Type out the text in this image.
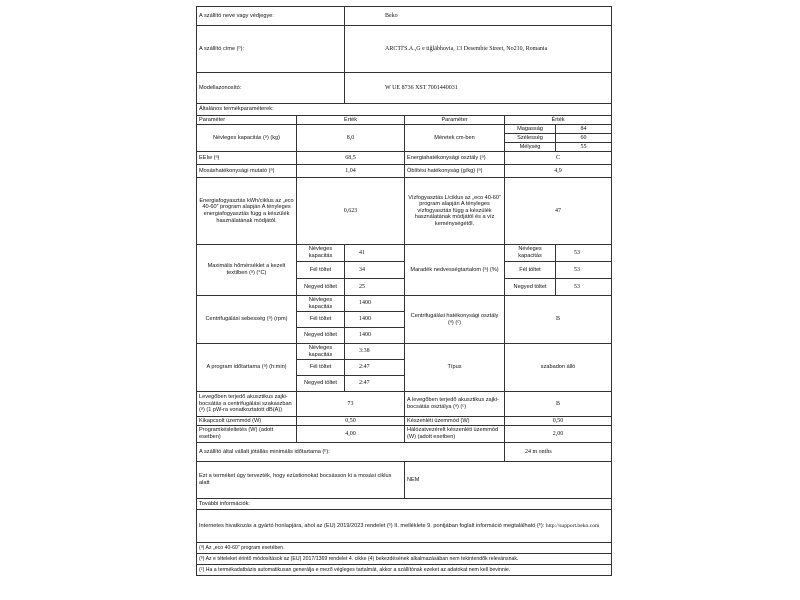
A szállító neve vagy védjegye:		Beko			
A szállító címe (ᵇ):		ARCTİ'S.A.,G e tiğlābhovia, 13 Desembie Street, No210, Romania			
Modellazonosító:		W UE 8736 XST 7001440031			
Általános termékparaméterek:					
Paraméter	Érték		Paraméter	Érték	
Névleges kapacitás (ᵃ) (kg)	8,0		Méretek cm-ben	Magasság	84
				Szélesség	60
				Mélység	55
EEIw (ᵃ)	68,5		Energiahatékonysági osztály (ᵃ)	C	
Mosáshatékonysági mutató (ᵃ)	1,04		Öblítési hatékonyság (g/kg) (ᵃ)	4,9	
Energiafogyasztás kWh/ciklus az „eco 40-60” program alapján A tényleges energiafogyasztás függ a készülék használatának módjától.	0,623		Vízfogyasztás L/ciklus az „eco 40-60” program alapján A tényleges vízfogyasztás függ a készülék használatának módjától és a víz keménységétől.	47	
Maximális hőmérséklet a kezelt textilben (ᵃ) (°C)	Névleges kapacitás	41	Maradék nedvességtartalom (ᵃ) (%)	Névleges kapacitás	53
	Fél töltet	34		Fél töltet	53
	Negyed töltet	25		Negyed töltet	53
Centrifugálási sebesség (ᵃ) (rpm)	Névleges kapacitás	1400	Centrifugálási hatékonysági osztály (ᵃ) (ᶜ)	B	
	Fél töltet	1400			
	Negyed töltet	1400			
A program időtartama (ᵃ) (h:min)	Névleges kapacitás	3:38	Típus	szabadon álló	
	Fél töltet	2:47			
	Negyed töltet	2:47			
Levegőben terjedő akusztikus zajki-bocsátás a centrifugálási szakaszban (ᵃ) (1 pW-ra vonatkoztatott dB(A))	73		A levegőben terjedő akusztikus zajki-bocsátás osztálya (ᵃ) (ᶜ)	B	
Kikapcsolt üzemmód (W)	0,50		Készenléti üzemmód (W)	0,50	
Programkésleltetés (W) (adott esetben)	4,00		Hálózatvezérelt készenléti üzemmód (W) (adott esetben)	2,00	
A szállító által vállalt jótállás minimális időtartama (ᵇ):				24 m onths	
Ezt a terméket úgy tervezték, hogy ezüstionokat bocsásson ki a mosási ciklus alatt			NEM		
További információk:					
Internetes hivatkozás a gyártó honlapjára, ahol az (EU) 2019/2023 rendelet (ᵇ) II. melléklete 9. pontjában foglalt információ megtalálható (ᵇ): http://support.beko.com					
(ᵃ) Az „eco 40-60” program esetében.					
(ᵇ) Az e tételeket érintő módosítások az (EU) 2017/1369 rendelet 4. cikke (4) bekezdésének alkalmazásában nem tekintendők relevánsnak.					
(ᶜ) Ha a termékadatbázis automatikusan generálja e mező végleges tartalmát, akkor a szállítónak ezeket az adatokat nem kell bevinnie.					
